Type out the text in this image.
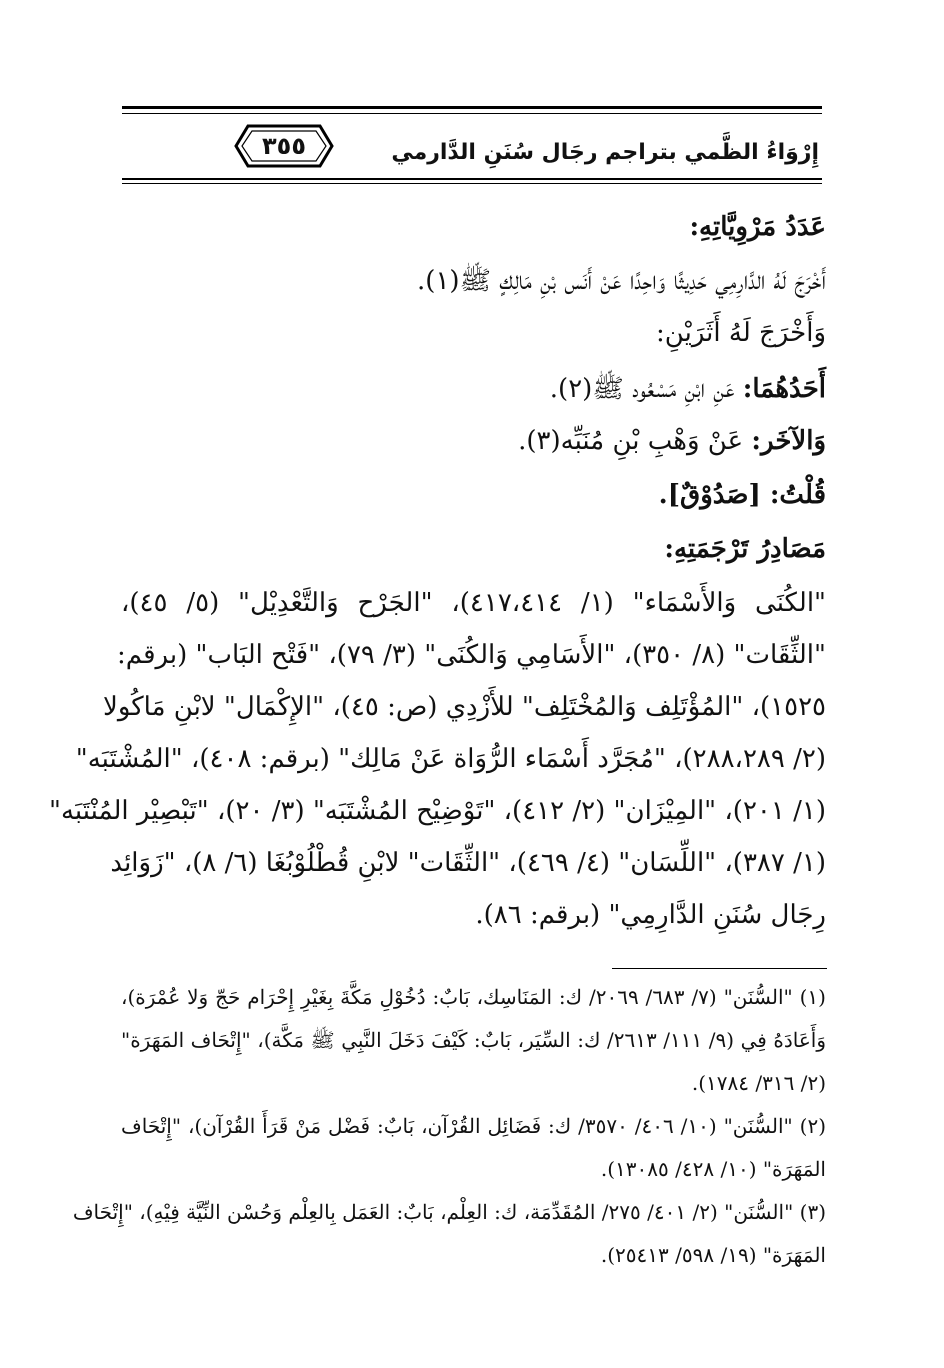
٣٥٥	إِرْوَاءُ الظَّمي بتراجم رجَال سُنَنِ الدَّارمي
عَدَدُ مَرْوِيَّاتِهِ:
أَخْرَجَ لَهُ الدَّارِمِي حَدِيثًا وَاحِدًا عَنْ أَنَس بْنِ مَالِكٍ ﷺ(١).
وَأَخْرَجَ لَهُ أَثَرَيْنِ:
أَحَدُهُمَا: عَنِ ابْنِ مَسْعُود ﷺ(٢).
وَالآخَر: عَنْ وَهْبِ بْنِ مُنَبِّه(٣).
قُلْتُ: [صَدُوْقٌ].
مَصَادِرُ تَرْجَمَتِهِ:
"الكُنَى وَالأَسْمَاء" (١/ ٤١٧،٤١٤)، "الجَرْح وَالتَّعْدِيْل" (٥/ ٤٥)،
"الثِّقَات" (٨/ ٣٥٠)، "الأَسَامِي وَالكُنَى" (٣/ ٧٩)، "فَتْح البَاب" (برقم:
١٥٢٥)، "المُؤْتَلِف وَالمُخْتَلِف" للأَزْدِي (ص: ٤٥)، "الإِكْمَال" لابْنِ مَاكُولا
(٢/ ٢٨٨،٢٨٩)، "مُجَرَّد أَسْمَاء الرُّوَاة عَنْ مَالِك" (برقم: ٤٠٨)، "المُشْتَبَه"
(١/ ٢٠١)، "المِيْزَان" (٢/ ٤١٢)، "تَوْضِيْح المُشْتَبَه" (٣/ ٢٠)، "تَبْصِيْر المُنْتَبَه"
(١/ ٣٨٧)، "اللِّسَان" (٤/ ٤٦٩)، "الثِّقَات" لابْنِ قُطْلُوْبُغَا (٦/ ٨)، "زَوَائِد
رِجَال سُنَنِ الدَّارِمِي" (برقم: ٨٦).
(١) "السُّنَن" (٧/ ٦٨٣/ ٢٠٦٩/ ك: المَنَاسِك، بَابٌ: دُخُوْلِ مَكَّةَ بِغَيْرِ إِحْرَام حَجّ وَلا عُمْرَة)،
وَأَعَادَهُ فِي (٩/ ١١١/ ٢٦١٣/ ك: السِّيَر، بَابٌ: كَيْفَ دَخَلَ النَّبِي ﷺ مَكَّة)، "إِتْحَاف المَهَرَة"
(٢/ ٣١٦/ ١٧٨٤).
(٢) "السُّنَن" (١٠/ ٤٠٦/ ٣٥٧٠/ ك: فَضَائِل القُرْآن، بَابٌ: فَضْل مَنْ قَرَأَ القُرْآن)، "إِتْحَاف
المَهَرَة" (١٠/ ٤٢٨/ ١٣٠٨٥).
(٣) "السُّنَن" (٢/ ٤٠١/ ٢٧٥/ المُقَدِّمَة، ك: العِلْم، بَابٌ: العَمَل بِالعِلْم وَحُسْن النِّيَّة فِيْهِ)، "إِتْحَاف
المَهَرَة" (١٩/ ٥٩٨/ ٢٥٤١٣).
